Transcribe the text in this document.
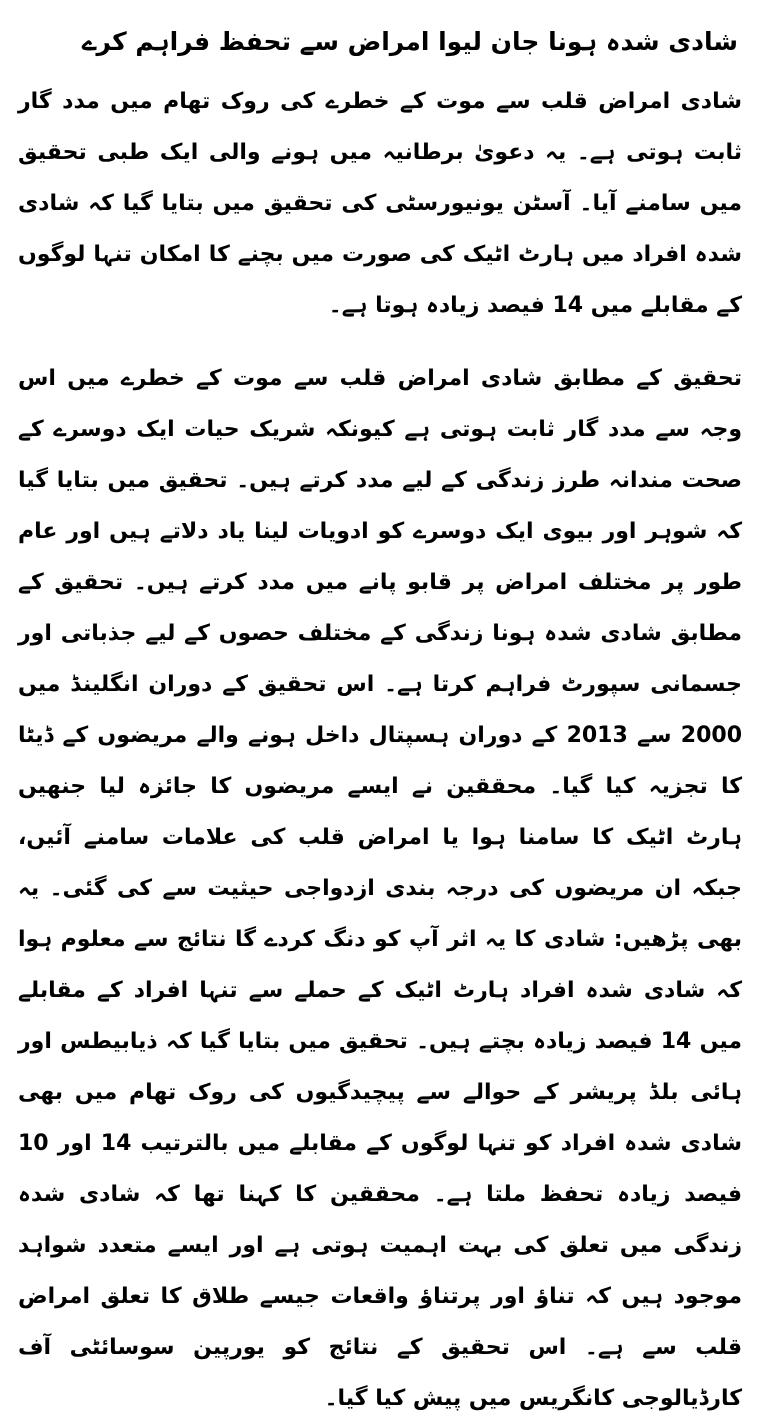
شادی شدہ ہونا جان لیوا امراض سے تحفظ فراہم کرے

شادی امراض قلب سے موت کے خطرے کی روک تھام میں مدد گار ثابت ہوتی ہے۔ یہ دعویٰ برطانیہ میں ہونے والی ایک طبی تحقیق میں سامنے آیا۔ آسٹن یونیورسٹی کی تحقیق میں بتایا گیا کہ شادی شدہ افراد میں ہارٹ اٹیک کی صورت میں بچنے کا امکان تنہا لوگوں کے مقابلے میں 14 فیصد زیادہ ہوتا ہے۔

تحقیق کے مطابق شادی امراض قلب سے موت کے خطرے میں اس وجہ سے مدد گار ثابت ہوتی ہے کیونکہ شریک حیات ایک دوسرے کے صحت مندانہ طرز زندگی کے لیے مدد کرتے ہیں۔ تحقیق میں بتایا گیا کہ شوہر اور بیوی ایک دوسرے کو ادویات لینا یاد دلاتے ہیں اور عام طور پر مختلف امراض پر قابو پانے میں مدد کرتے ہیں۔ تحقیق کے مطابق شادی شدہ ہونا زندگی کے مختلف حصوں کے لیے جذباتی اور جسمانی سپورٹ فراہم کرتا ہے۔ اس تحقیق کے دوران انگلینڈ میں 2000 سے 2013 کے دوران ہسپتال داخل ہونے والے مریضوں کے ڈیٹا کا تجزیہ کیا گیا۔ محققین نے ایسے مریضوں کا جائزہ لیا جنھیں ہارٹ اٹیک کا سامنا ہوا یا امراض قلب کی علامات سامنے آئیں، جبکہ ان مریضوں کی درجہ بندی ازدواجی حیثیت سے کی گئی۔ یہ بھی پڑھیں: شادی کا یہ اثر آپ کو دنگ کردے گا نتائج سے معلوم ہوا کہ شادی شدہ افراد ہارٹ اٹیک کے حملے سے تنہا افراد کے مقابلے میں 14 فیصد زیادہ بچتے ہیں۔ تحقیق میں بتایا گیا کہ ذیابیطس اور ہائی بلڈ پریشر کے حوالے سے پیچیدگیوں کی روک تھام میں بھی شادی شدہ افراد کو تنہا لوگوں کے مقابلے میں بالترتیب 14 اور 10 فیصد زیادہ تحفظ ملتا ہے۔ محققین کا کہنا تھا کہ شادی شدہ زندگی میں تعلق کی بہت اہمیت ہوتی ہے اور ایسے متعدد شواہد موجود ہیں کہ تناؤ اور پرتناؤ واقعات جیسے طلاق کا تعلق امراض قلب سے ہے۔ اس تحقیق کے نتائج کو یورپین سوسائٹی آف کارڈیالوجی کانگریس میں پیش کیا گیا۔
